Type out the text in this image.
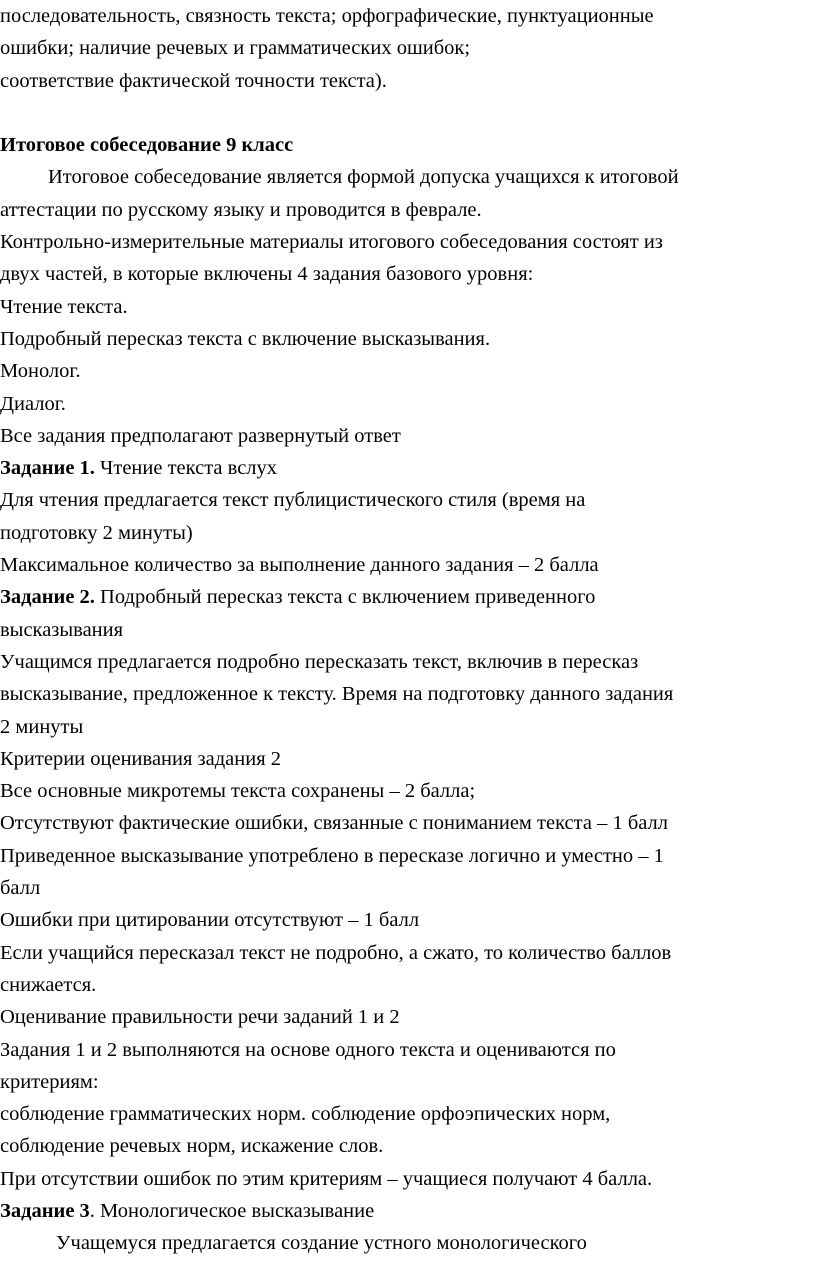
последовательность, связность текста; орфографические, пунктуационные
ошибки; наличие речевых и грамматических ошибок;
соответствие фактической точности текста).
Итоговое собеседование 9 класс
Итоговое собеседование является формой допуска учащихся к итоговой
аттестации по русскому языку и проводится в феврале.
Контрольно-измерительные материалы итогового собеседования состоят из
двух частей, в которые включены 4 задания базового уровня:
Чтение текста.
Подробный пересказ текста с включение высказывания.
Монолог.
Диалог.
Все задания предполагают развернутый ответ
Задание 1. Чтение текста вслух
Для чтения предлагается текст публицистического стиля (время на
подготовку 2 минуты)
Максимальное количество за выполнение данного задания – 2 балла
Задание 2. Подробный пересказ текста с включением приведенного
высказывания
Учащимся предлагается подробно пересказать текст, включив в пересказ
высказывание, предложенное к тексту. Время на подготовку данного задания
2 минуты
Критерии оценивания задания 2
Все основные микротемы текста сохранены – 2 балла;
Отсутствуют фактические ошибки, связанные с пониманием текста – 1 балл
Приведенное высказывание употреблено в пересказе логично и уместно – 1
балл
Ошибки при цитировании отсутствуют – 1 балл
Если учащийся пересказал текст не подробно, а сжато, то количество баллов
снижается.
Оценивание правильности речи заданий 1 и 2
Задания 1 и 2 выполняются на основе одного текста и оцениваются по
критериям:
соблюдение грамматических норм. соблюдение орфоэпических норм,
соблюдение речевых норм, искажение слов.
При отсутствии ошибок по этим критериям – учащиеся получают 4 балла.
Задание 3. Монологическое высказывание
Учащемуся предлагается создание устного монологического
